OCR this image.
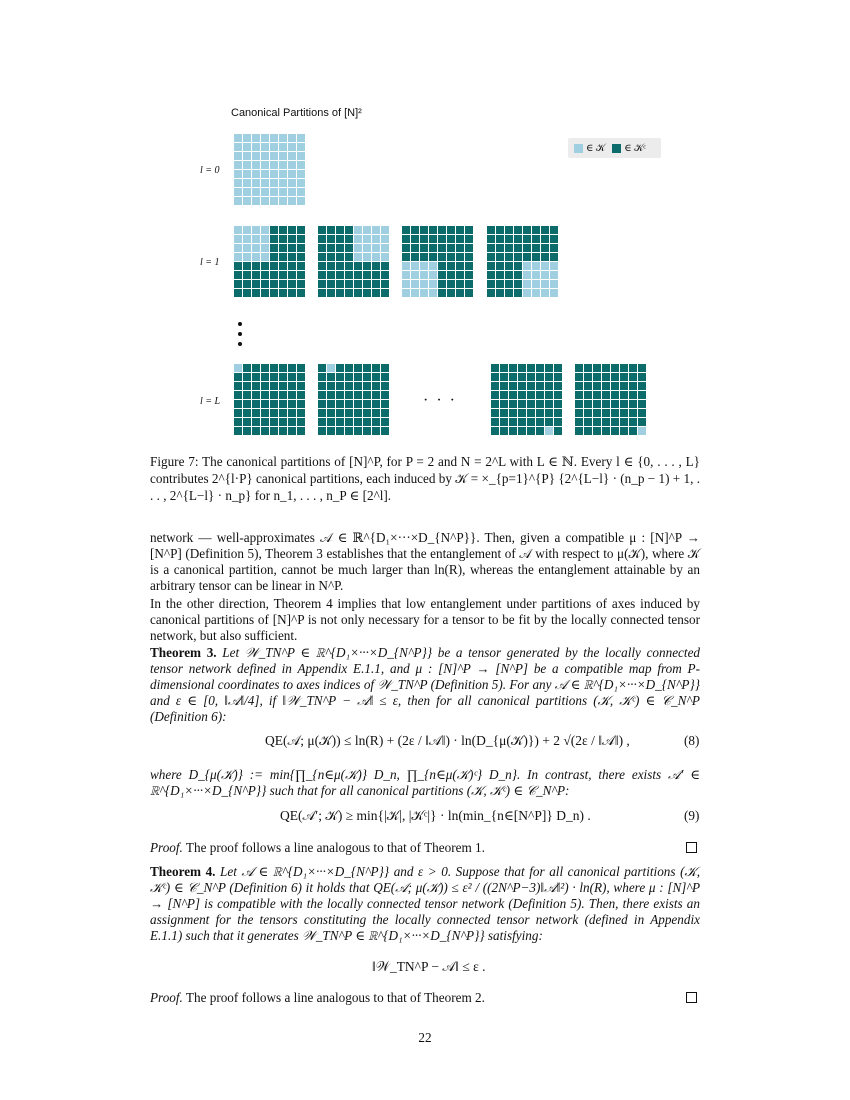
Canonical Partitions of [N]²
∈ 𝒦 ∈ 𝒦ᶜ
l = 0
l = 1
l = L	· · ·
Figure 7: The canonical partitions of [N]^P, for P = 2 and N = 2^L with L ∈ ℕ. Every l ∈ {0, . . . , L} contributes 2^{l·P} canonical partitions, each induced by 𝒦 = ×_{p=1}^{P} {2^{L−l} · (n_p − 1) + 1, . . . , 2^{L−l} · n_p} for n_1, . . . , n_P ∈ [2^l].
network — well-approximates 𝒜 ∈ ℝ^{D₁×···×D_{N^P}}. Then, given a compatible μ : [N]^P → [N^P] (Definition 5), Theorem 3 establishes that the entanglement of 𝒜 with respect to μ(𝒦), where 𝒦 is a canonical partition, cannot be much larger than ln(R), whereas the entanglement attainable by an arbitrary tensor can be linear in N^P.
In the other direction, Theorem 4 implies that low entanglement under partitions of axes induced by canonical partitions of [N]^P is not only necessary for a tensor to be fit by the locally connected tensor network, but also sufficient.
Theorem 3. Let 𝒲_TN^P ∈ ℝ^{D₁×···×D_{N^P}} be a tensor generated by the locally connected tensor network defined in Appendix E.1.1, and μ : [N]^P → [N^P] be a compatible map from P-dimensional coordinates to axes indices of 𝒲_TN^P (Definition 5). For any 𝒜 ∈ ℝ^{D₁×···×D_{N^P}} and ε ∈ [0, ‖𝒜‖/4], if ‖𝒲_TN^P − 𝒜‖ ≤ ε, then for all canonical partitions (𝒦, 𝒦ᶜ) ∈ 𝒞_N^P (Definition 6):
QE(𝒜; μ(𝒦)) ≤ ln(R) + (2ε / ‖𝒜‖) · ln(D_{μ(𝒦)}) + 2 √(2ε / ‖𝒜‖) ,	(8)
where D_{μ(𝒦)} := min{∏_{n∈μ(𝒦)} D_n, ∏_{n∈μ(𝒦)ᶜ} D_n}. In contrast, there exists 𝒜′ ∈ ℝ^{D₁×···×D_{N^P}} such that for all canonical partitions (𝒦, 𝒦ᶜ) ∈ 𝒞_N^P:
QE(𝒜′; 𝒦) ≥ min{|𝒦|, |𝒦ᶜ|} · ln(min_{n∈[N^P]} D_n) .	(9)
Proof. The proof follows a line analogous to that of Theorem 1.
Theorem 4. Let 𝒜 ∈ ℝ^{D₁×···×D_{N^P}} and ε > 0. Suppose that for all canonical partitions (𝒦, 𝒦ᶜ) ∈ 𝒞_N^P (Definition 6) it holds that QE(𝒜; μ(𝒦)) ≤ ε² / ((2N^P−3)‖𝒜‖²) · ln(R), where μ : [N]^P → [N^P] is compatible with the locally connected tensor network (Definition 5). Then, there exists an assignment for the tensors constituting the locally connected tensor network (defined in Appendix E.1.1) such that it generates 𝒲_TN^P ∈ ℝ^{D₁×···×D_{N^P}} satisfying:
‖𝒲_TN^P − 𝒜‖ ≤ ε .
Proof. The proof follows a line analogous to that of Theorem 2.
22
